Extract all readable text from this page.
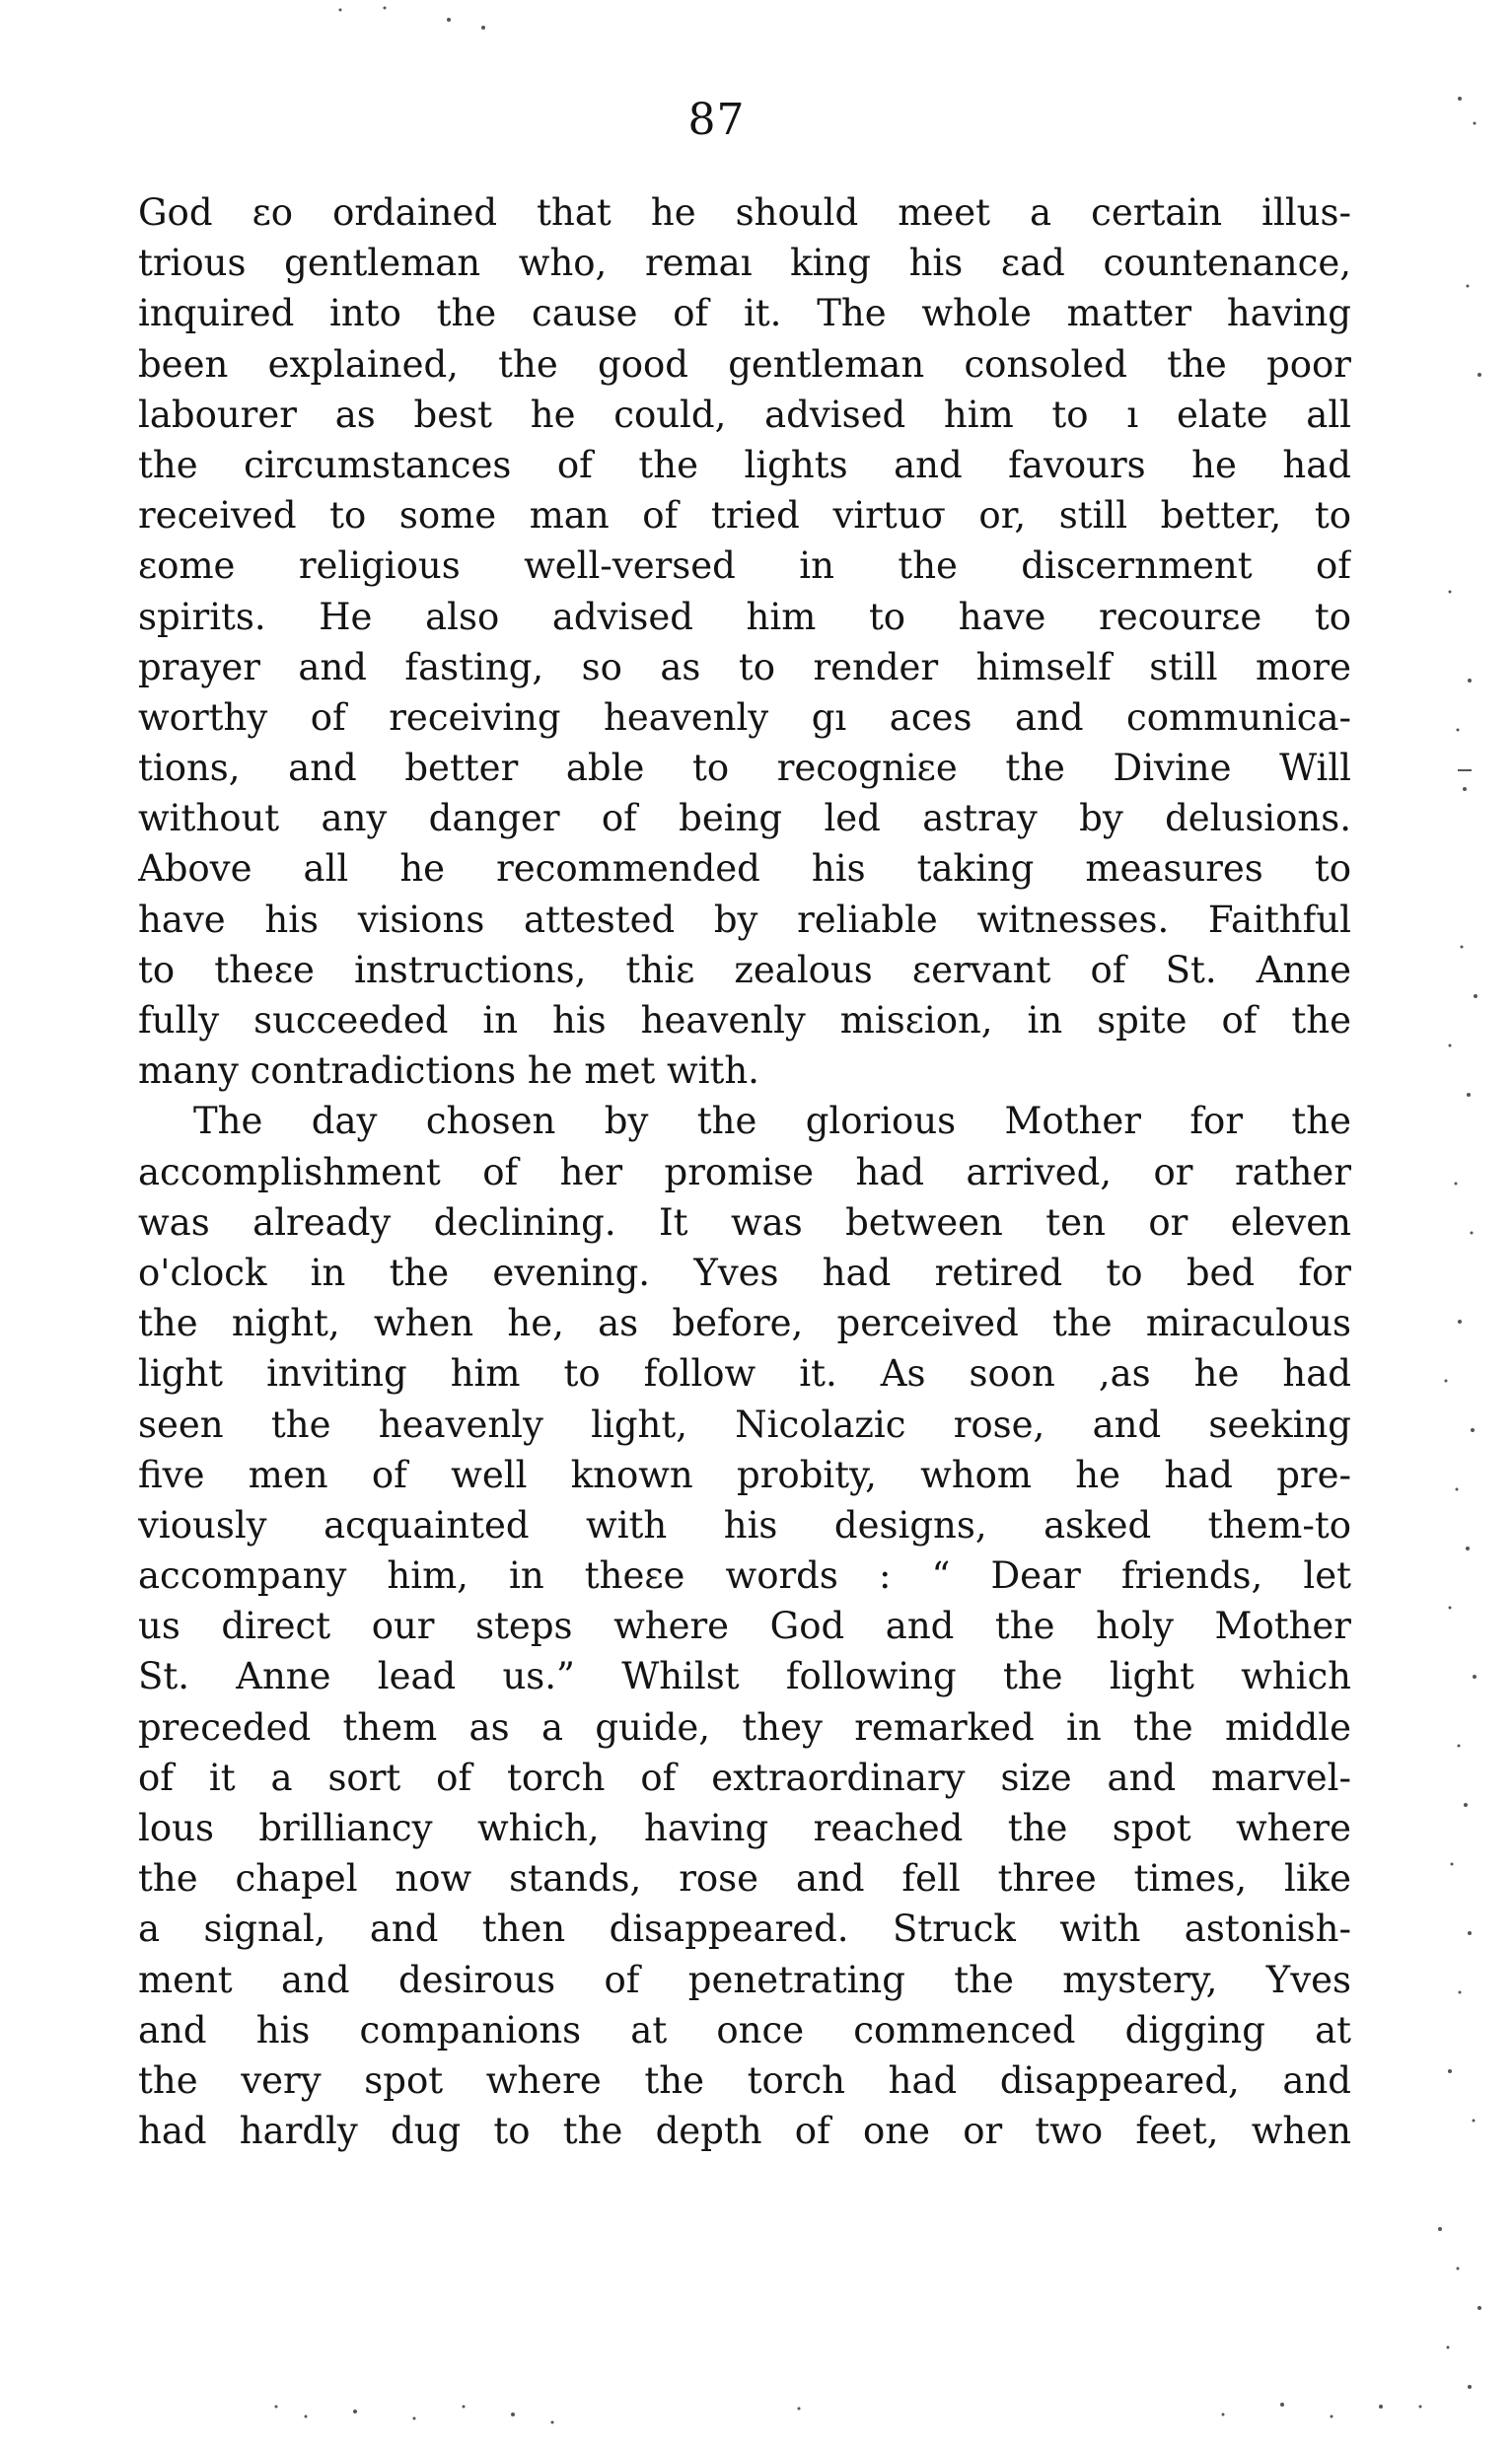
87
God εο ordained that he should meet a certain illus-
trious gentleman who, remaı king his ɛad countenance,
inquired into the cause of it. The whole matter having
been explained, the good gentleman consoled the poor
labourer as best he could, advised him to ı elate all
the circumstances of the lights and favours he had
received to some man of tried virtuσ or, still better, to
ɛome religious well-versed in the discernment of
spirits. He also advised him to have recourɛe to
prayer and fasting, so as to render himself still more
worthy of receiving heavenly gı aces and communica-
tions, and better able to recogniεe the Divine Will
without any danger of being led astray by delusions.
Above all he recommended his taking measures to
have his visions attested by reliable witnesses. Faithful
to theεe instructions, thiɛ zealous ɛervant of St. Anne
fully succeeded in his heavenly misɛion, in spite of the
many contradictions he met with.
The day chosen by the glorious Mother for the
accomplishment of her promise had arrived, or rather
was already declining. It was between ten or eleven
o'clock in the evening. Yves had retired to bed for
the night, when he, as before, perceived the miraculous
light inviting him to follow it. As soon ,as he had
seen the heavenly light, Nicolazic rose, and seeking
five men of well known probity, whom he had pre-
viously acquainted with his designs, asked them-to
accompany him, in theεe words : “ Dear friends, let
us direct our steps where God and the holy Mother
St. Anne lead us.” Whilst following the light which
preceded them as a guide, they remarked in the middle
of it a sort of torch of extraordinary size and marvel-
lous brilliancy which, having reached the spot where
the chapel now stands, rose and fell three times, like
a signal, and then disappeared. Struck with astonish-
ment and desirous of penetrating the mystery, Yves
and his companions at once commenced digging at
the very spot where the torch had disappeared, and
had hardly dug to the depth of one or two feet, when
